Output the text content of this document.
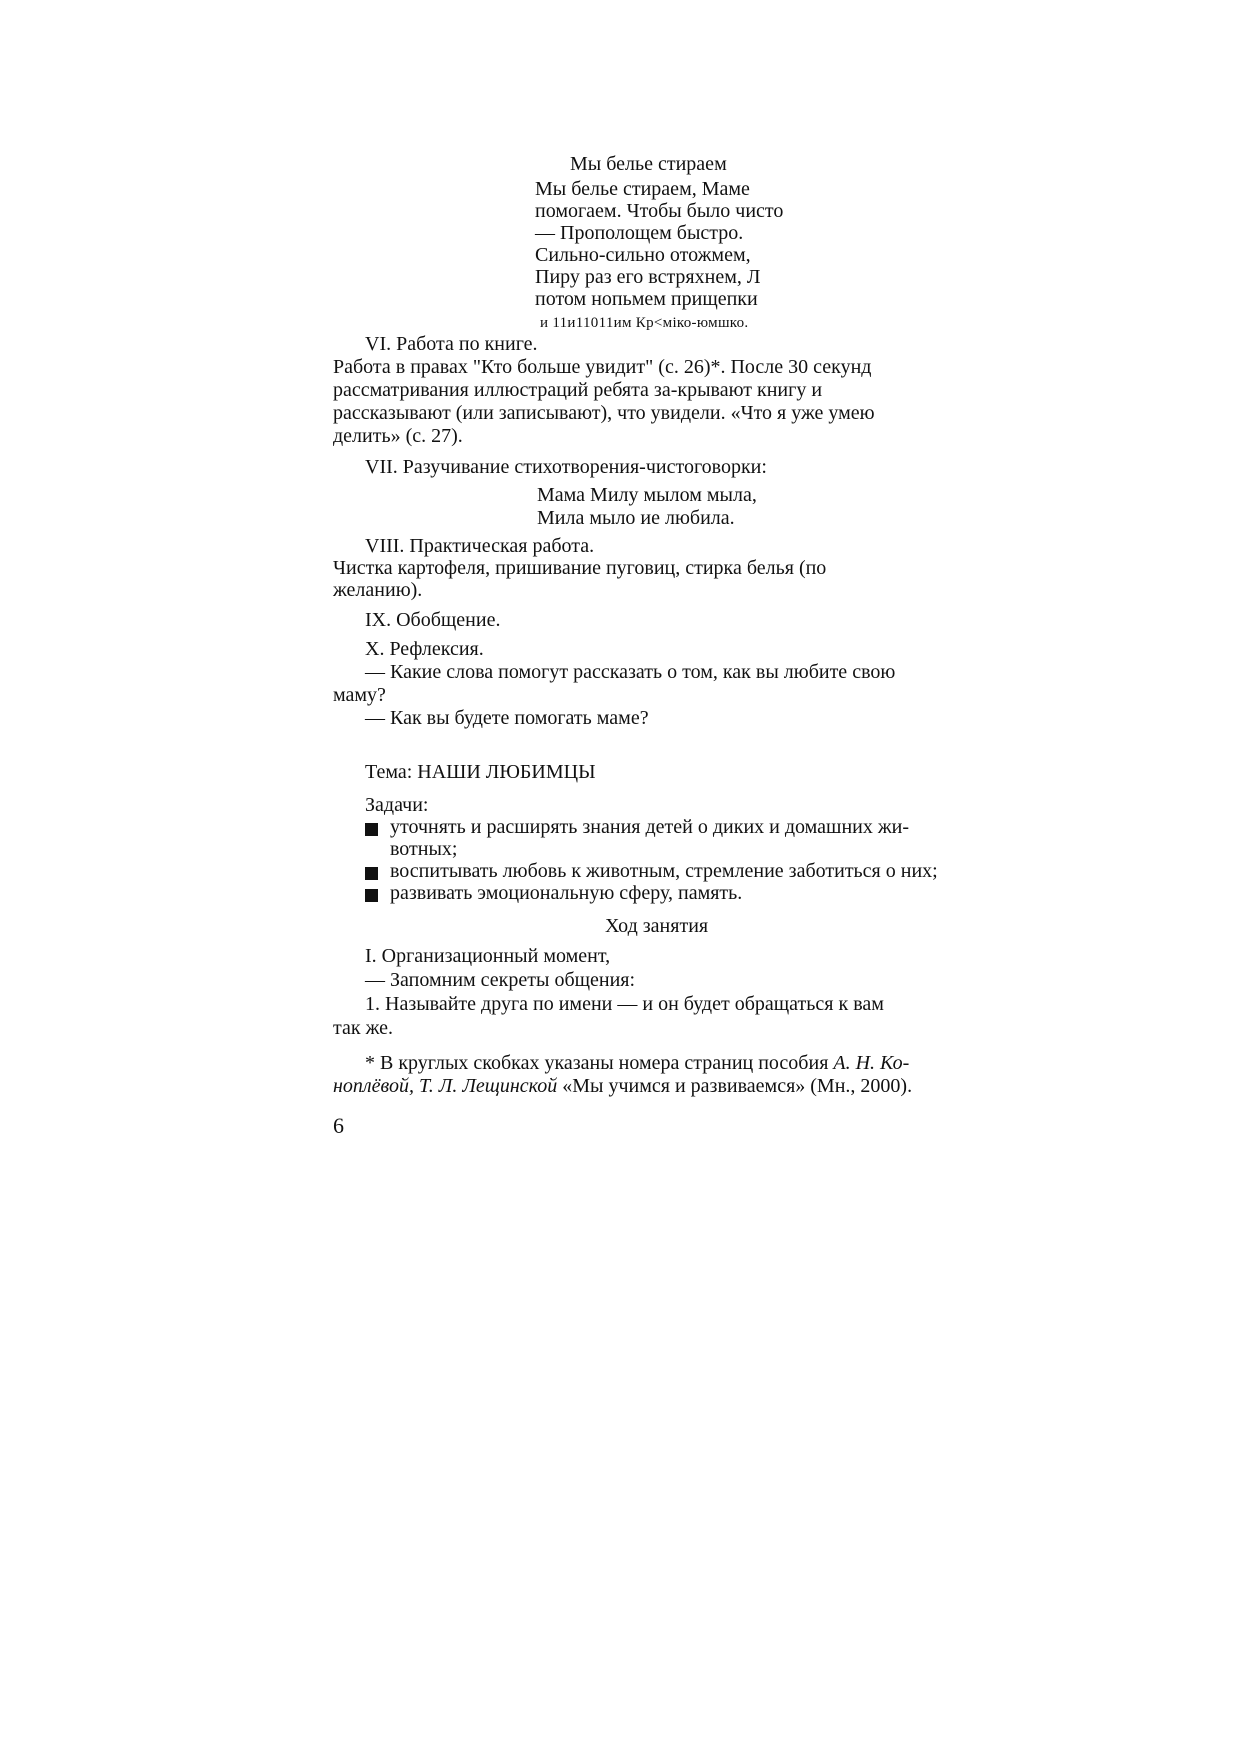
Мы белье стираем
Мы белье стираем, Маме
помогаем. Чтобы было чисто
— Прополощем быстро.
Сильно-сильно отожмем,
Пиру раз его встряхнем, Л
потом нопьмем прищепки
и 11и11011им Кр<мiко-юмшко.
VI. Работа по книге.
Работа в правах "Кто больше увидит" (с. 26)*. После 30 секунд
рассматривания иллюстраций ребята за-крывают книгу и
рассказывают (или записывают), что увидели. «Что я уже умею
делить» (с. 27).
VII. Разучивание стихотворения-чистоговорки:
Мама Милу мылом мыла,
Мила мыло ие любила.
VIII. Практическая работа.
Чистка картофеля, пришивание пуговиц, стирка белья (по
желанию).
IX. Обобщение.
X. Рефлексия.
— Какие слова помогут рассказать о том, как вы любите свою
маму?
— Как вы будете помогать маме?
Тема: НАШИ ЛЮБИМЦЫ
Задачи:
уточнять и расширять знания детей о диких и домашних жи-
вотных;
воспитывать любовь к животным, стремление заботиться о них;
развивать эмоциональную сферу, память.
Ход занятия
I. Организационный момент,
— Запомним секреты общения:
1. Называйте друга по имени — и он будет обращаться к вам
так же.
* В круглых скобках указаны номера страниц пособия А. Н. Ко-
ноплёвой, Т. Л. Лещинской «Мы учимся и развиваемся» (Мн., 2000).
6
